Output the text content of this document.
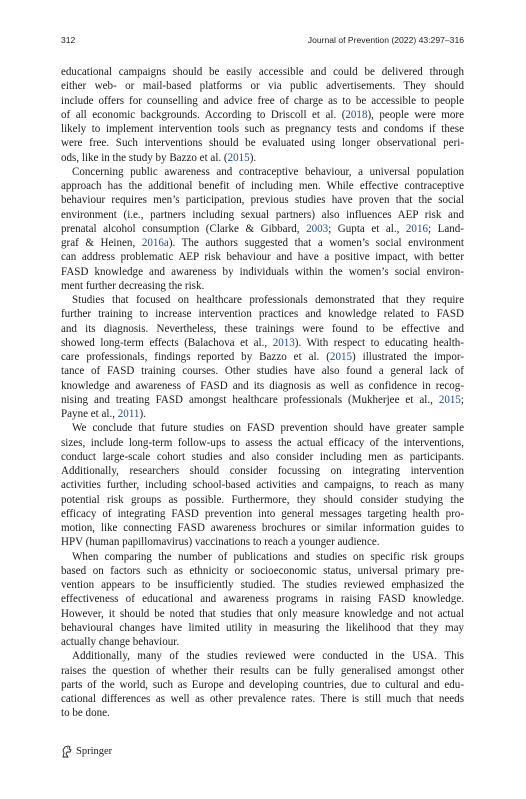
312	Journal of Prevention (2022) 43:297–316
educational campaigns should be easily accessible and could be delivered through
either web- or mail-based platforms or via public advertisements. They should
include offers for counselling and advice free of charge as to be accessible to people
of all economic backgrounds. According to Driscoll et al. (2018), people were more
likely to implement intervention tools such as pregnancy tests and condoms if these
were free. Such interventions should be evaluated using longer observational peri-
ods, like in the study by Bazzo et al. (2015).
Concerning public awareness and contraceptive behaviour, a universal population
approach has the additional benefit of including men. While effective contraceptive
behaviour requires men’s participation, previous studies have proven that the social
environment (i.e., partners including sexual partners) also influences AEP risk and
prenatal alcohol consumption (Clarke & Gibbard, 2003; Gupta et al., 2016; Land-
graf & Heinen, 2016a). The authors suggested that a women’s social environment
can address problematic AEP risk behaviour and have a positive impact, with better
FASD knowledge and awareness by individuals within the women’s social environ-
ment further decreasing the risk.
Studies that focused on healthcare professionals demonstrated that they require
further training to increase intervention practices and knowledge related to FASD
and its diagnosis. Nevertheless, these trainings were found to be effective and
showed long-term effects (Balachova et al., 2013). With respect to educating health-
care professionals, findings reported by Bazzo et al. (2015) illustrated the impor-
tance of FASD training courses. Other studies have also found a general lack of
knowledge and awareness of FASD and its diagnosis as well as confidence in recog-
nising and treating FASD amongst healthcare professionals (Mukherjee et al., 2015;
Payne et al., 2011).
We conclude that future studies on FASD prevention should have greater sample
sizes, include long-term follow-ups to assess the actual efficacy of the interventions,
conduct large-scale cohort studies and also consider including men as participants.
Additionally, researchers should consider focussing on integrating intervention
activities further, including school-based activities and campaigns, to reach as many
potential risk groups as possible. Furthermore, they should consider studying the
efficacy of integrating FASD prevention into general messages targeting health pro-
motion, like connecting FASD awareness brochures or similar information guides to
HPV (human papillomavirus) vaccinations to reach a younger audience.
When comparing the number of publications and studies on specific risk groups
based on factors such as ethnicity or socioeconomic status, universal primary pre-
vention appears to be insufficiently studied. The studies reviewed emphasized the
effectiveness of educational and awareness programs in raising FASD knowledge.
However, it should be noted that studies that only measure knowledge and not actual
behavioural changes have limited utility in measuring the likelihood that they may
actually change behaviour.
Additionally, many of the studies reviewed were conducted in the USA. This
raises the question of whether their results can be fully generalised amongst other
parts of the world, such as Europe and developing countries, due to cultural and edu-
cational differences as well as other prevalence rates. There is still much that needs
to be done.
Springer
